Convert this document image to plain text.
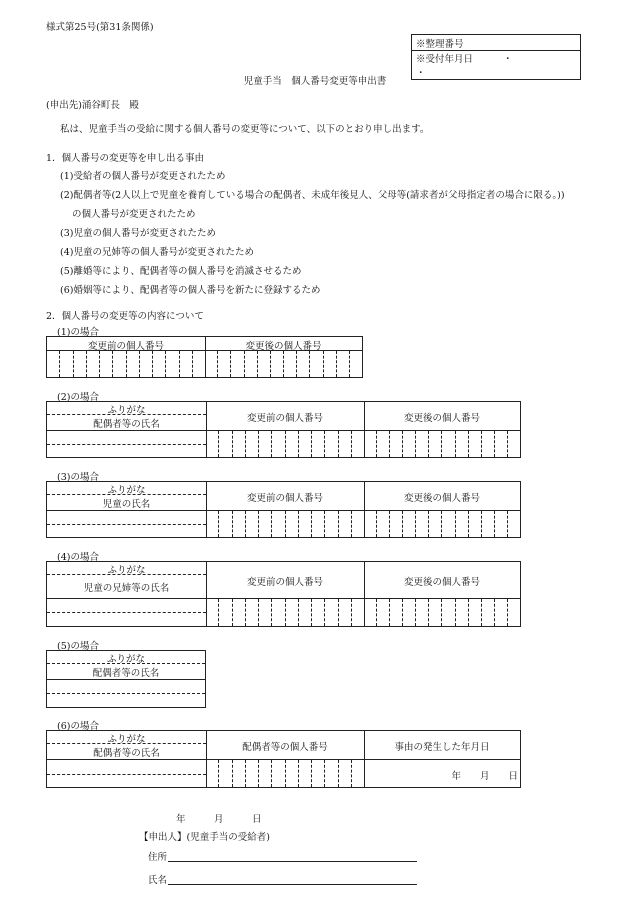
様式第25号(第31条関係)
※整理番号
※受付年月日	・ ・
児童手当　個人番号変更等申出書
(申出先)涌谷町長　殿
私は、児童手当の受給に関する個人番号の変更等について、以下のとおり申し出ます。
1．個人番号の変更等を申し出る事由
(1)受給者の個人番号が変更されたため
(2)配偶者等(2人以上で児童を養育している場合の配偶者、未成年後見人、父母等(請求者が父母指定者の場合に限る。))
の個人番号が変更されたため
(3)児童の個人番号が変更されたため
(4)児童の兄姉等の個人番号が変更されたため
(5)離婚等により、配偶者等の個人番号を消滅させるため
(6)婚姻等により、配偶者等の個人番号を新たに登録するため
2．個人番号の変更等の内容について
(1)の場合
変更前の個人番号	変更後の個人番号
(2)の場合
ふりがな
配偶者等の氏名
変更前の個人番号	変更後の個人番号
(3)の場合
ふりがな
児童の氏名
変更前の個人番号	変更後の個人番号
(4)の場合
ふりがな
児童の兄姉等の氏名
変更前の個人番号	変更後の個人番号
(5)の場合
ふりがな
配偶者等の氏名
(6)の場合
ふりがな
配偶者等の氏名
配偶者等の個人番号	事由の発生した年月日
年　　月　　日
年　　　月　　　日
【申出人】(児童手当の受給者)
住所
氏名
